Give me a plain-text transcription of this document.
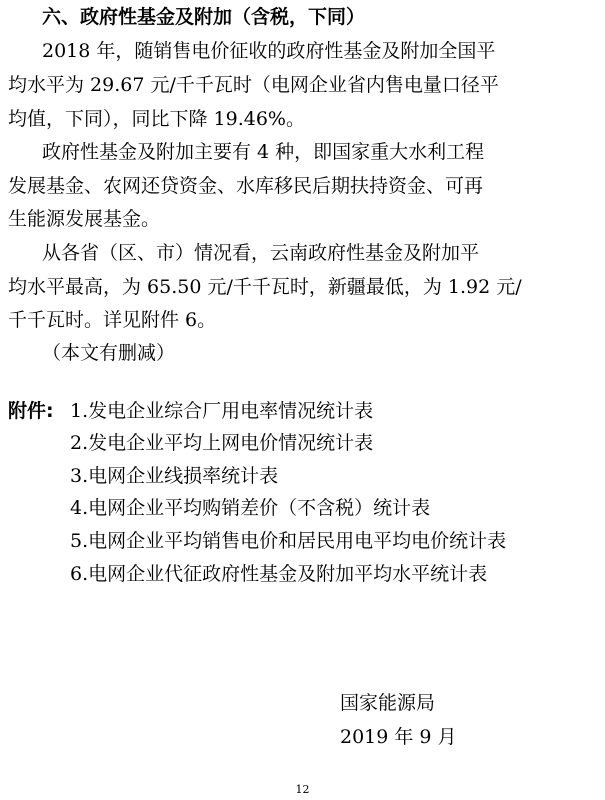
六、政府性基金及附加（含税，下同）
2018 年，随销售电价征收的政府性基金及附加全国平
均水平为 29.67 元/千千瓦时（电网企业省内售电量口径平
均值，下同），同比下降 19.46%。
政府性基金及附加主要有 4 种，即国家重大水利工程
发展基金、农网还贷资金、水库移民后期扶持资金、可再
生能源发展基金。
从各省（区、市）情况看，云南政府性基金及附加平
均水平最高，为 65.50 元/千千瓦时，新疆最低，为 1.92 元/
千千瓦时。详见附件 6。
（本文有删减）
附件: 1.发电企业综合厂用电率情况统计表
2.发电企业平均上网电价情况统计表
3.电网企业线损率统计表
4.电网企业平均购销差价（不含税）统计表
5.电网企业平均销售电价和居民用电平均电价统计表
6.电网企业代征政府性基金及附加平均水平统计表
国家能源局
2019 年 9 月
12
